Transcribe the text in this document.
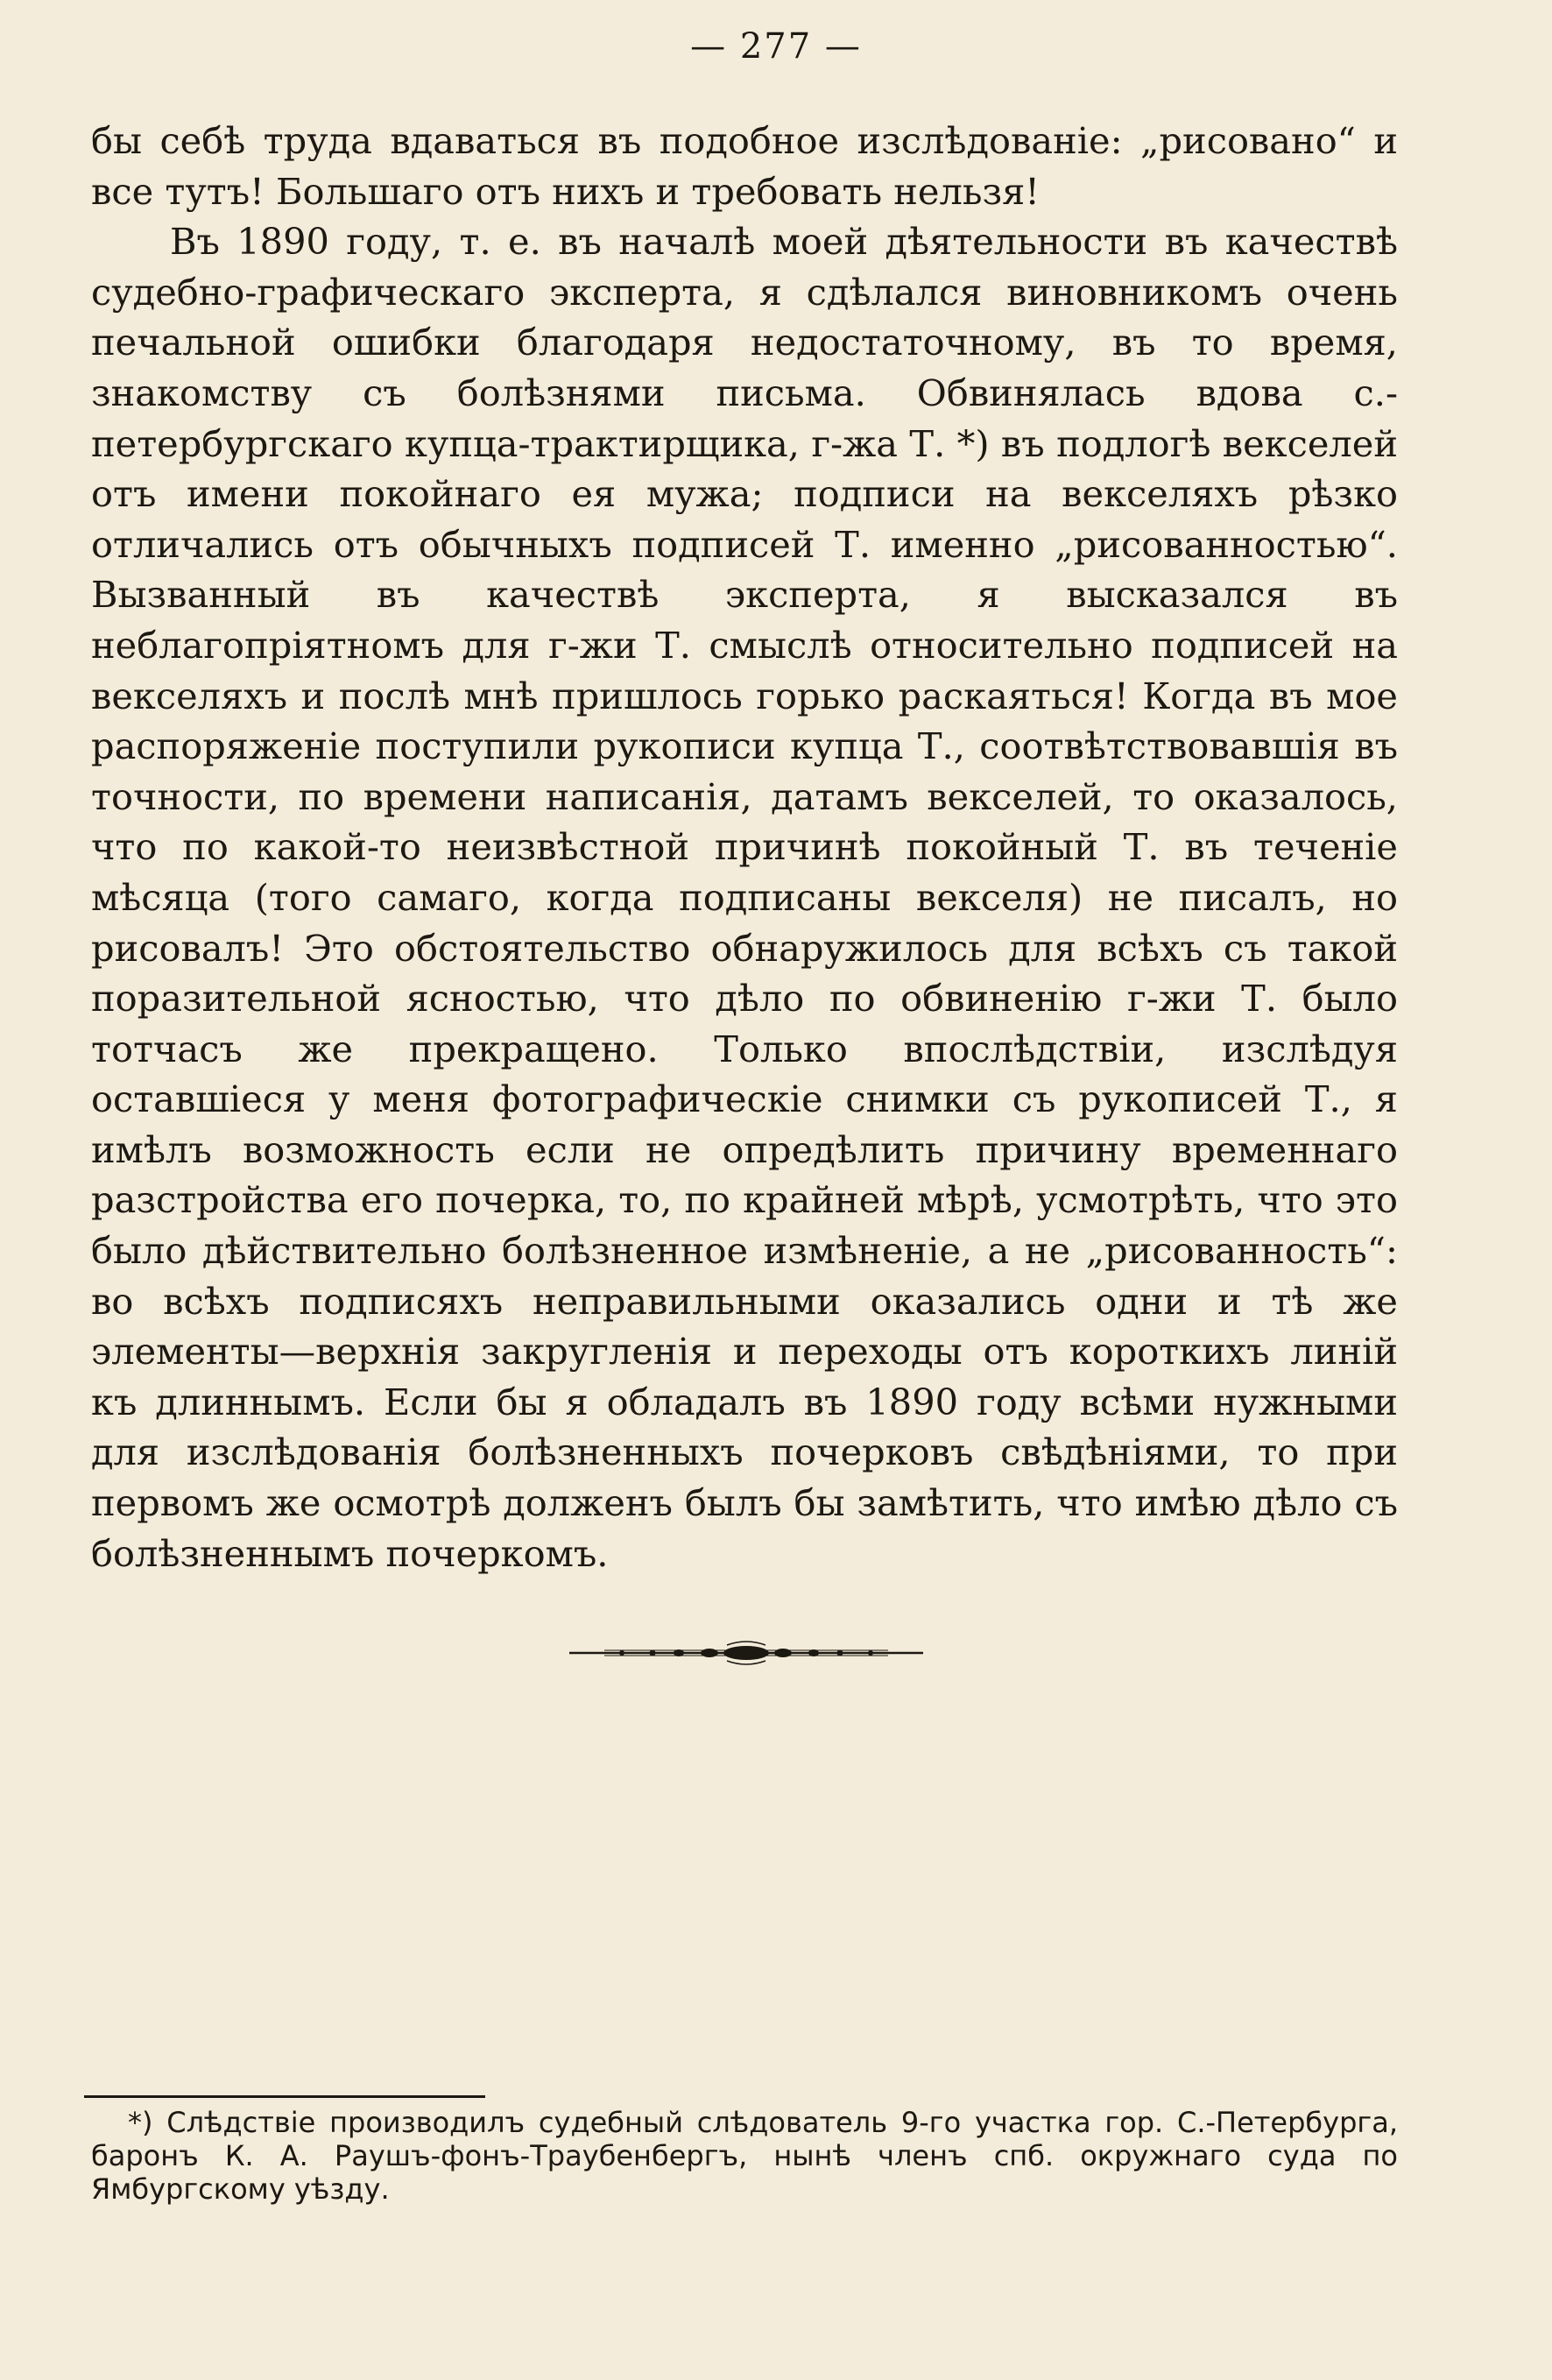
— 277 —

бы себѣ труда вдаваться въ подобное изслѣдованіе: „рисовано“ и все тутъ! Большаго отъ нихъ и требовать нельзя!

Въ 1890 году, т. е. въ началѣ моей дѣятельности въ качествѣ судебно-графическаго эксперта, я сдѣлался виновникомъ очень печальной ошибки благодаря недостаточному, въ то время, знакомству съ болѣзнями письма. Обвинялась вдова с.-петербургскаго купца-трактирщика, г-жа Т. *) въ подлогѣ векселей отъ имени покойнаго ея мужа; подписи на векселяхъ рѣзко отличались отъ обычныхъ подписей Т. именно „рисованностью“. Вызванный въ качествѣ эксперта, я высказался въ неблагопріятномъ для г-жи Т. смыслѣ относительно подписей на векселяхъ и послѣ мнѣ пришлось горько раскаяться! Когда въ мое распоряженіе поступили рукописи купца Т., соотвѣтствовавшія въ точности, по времени написанія, датамъ векселей, то оказалось, что по какой-то неизвѣстной причинѣ покойный Т. въ теченіе мѣсяца (того самаго, когда подписаны векселя) не писалъ, но рисовалъ! Это обстоятельство обнаружилось для всѣхъ съ такой поразительной ясностью, что дѣло по обвиненію г-жи Т. было тотчасъ же прекращено. Только впослѣдствіи, изслѣдуя оставшіеся у меня фотографическіе снимки съ рукописей Т., я имѣлъ возможность если не опредѣлить причину временнаго разстройства его почерка, то, по крайней мѣрѣ, усмотрѣть, что это было дѣйствительно болѣзненное измѣненіе, а не „рисованность“: во всѣхъ подписяхъ неправильными оказались одни и тѣ же элементы—верхнія закругленія и переходы отъ короткихъ линій къ длиннымъ. Если бы я обладалъ въ 1890 году всѣми нужными для изслѣдованія болѣзненныхъ почерковъ свѣдѣніями, то при первомъ же осмотрѣ долженъ былъ бы замѣтить, что имѣю дѣло съ болѣзненнымъ почеркомъ.

*) Слѣдствіе производилъ судебный слѣдователь 9-го участка гор. С.-Петербурга, баронъ К. А. Раушъ-фонъ-Траубенбергъ, нынѣ членъ спб. окружнаго суда по Ямбургскому уѣзду.
